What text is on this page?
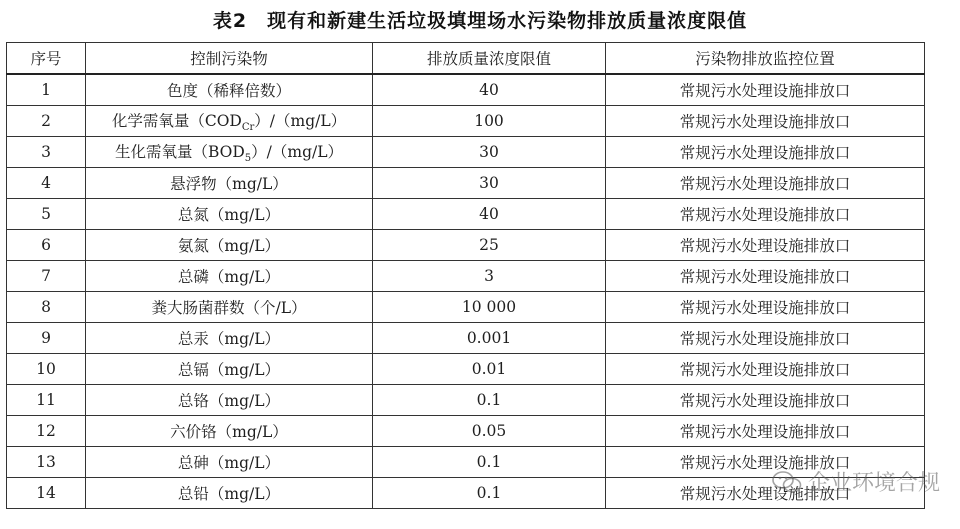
表2　现有和新建生活垃圾填埋场水污染物排放质量浓度限值
序号	控制污染物	排放质量浓度限值	污染物排放监控位置
1	色度（稀释倍数）	40	常规污水处理设施排放口
2	化学需氧量$(COD_{Cr})/(mg/L)$	100	常规污水处理设施排放口
3	生化需氧量$(BOD_5)/(mg/L)$	30	常规污水处理设施排放口
4	悬浮物（mg/L）	30	常规污水处理设施排放口
5	总氮（mg/L）	40	常规污水处理设施排放口
6	氨氮（mg/L）	25	常规污水处理设施排放口
7	总磷（mg/L）	3	常规污水处理设施排放口
8	粪大肠菌群数（个/L）	10 000	常规污水处理设施排放口
9	总汞（mg/L）	0.001	常规污水处理设施排放口
10	总镉（mg/L）	0.01	常规污水处理设施排放口
11	总铬（mg/L）	0.1	常规污水处理设施排放口
12	六价铬（mg/L）	0.05	常规污水处理设施排放口
13	总砷（mg/L）	0.1	常规污水处理设施排放口
14	总铅（mg/L）	0.1	常规污水处理设施排放口
企业环境合规
